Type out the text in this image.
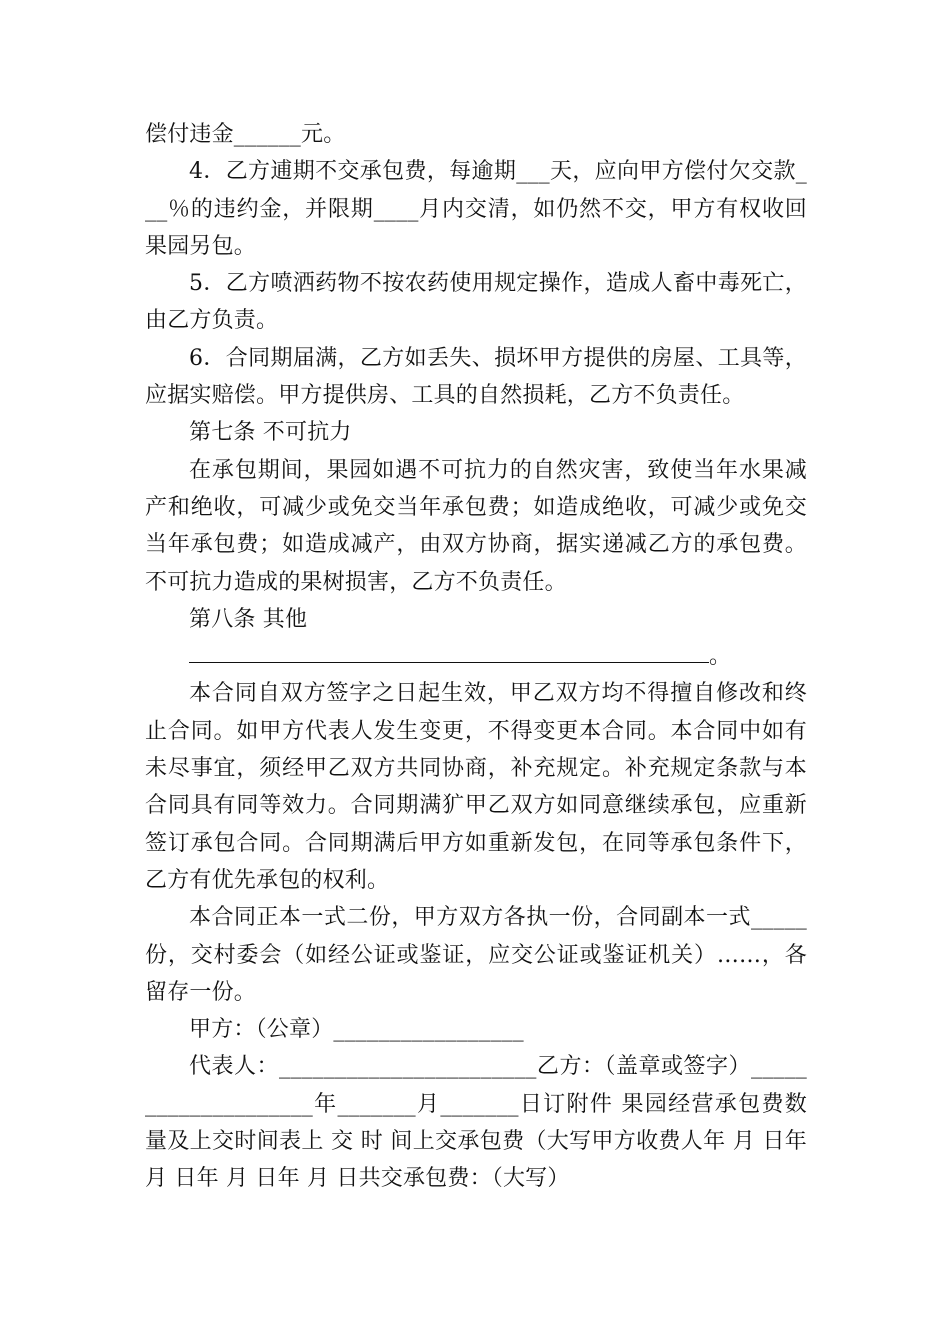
偿付违金______元。

4．乙方逋期不交承包费，每逾期___天，应向甲方偿付欠交款___％的违约金，并限期____月内交清，如仍然不交，甲方有权收回果园另包。

5．乙方喷洒药物不按农药使用规定操作，造成人畜中毒死亡，由乙方负责。

6．合同期届满，乙方如丢失、损坏甲方提供的房屋、工具等，应据实赔偿。甲方提供房、工具的自然损耗，乙方不负责任。

第七条 不可抗力

在承包期间，果园如遇不可抗力的自然灾害，致使当年水果减产和绝收，可减少或免交当年承包费；如造成绝收，可减少或免交当年承包费；如造成减产，由双方协商，据实递减乙方的承包费。不可抗力造成的果树损害，乙方不负责任。

第八条 其他

。

本合同自双方签字之日起生效，甲乙双方均不得擅自修改和终止合同。如甲方代表人发生变更，不得变更本合同。本合同中如有未尽事宜，须经甲乙双方共同协商，补充规定。补充规定条款与本合同具有同等效力。合同期满犷甲乙双方如同意继续承包，应重新签订承包合同。合同期满后甲方如重新发包，在同等承包条件下，乙方有优先承包的权利。

本合同正本一式二份，甲方双方各执一份，合同副本一式_____份，交村委会（如经公证或鉴证，应交公证或鉴证机关）……，各留存一份。

甲方：（公章）_________________

代表人：_______________________乙方：（盖章或签字）____________________年_______月_______日订附件 果园经营承包费数量及上交时间表上 交 时 间上交承包费（大写甲方收费人年 月 日年 月 日年 月 日年 月 日共交承包费：（大写）
